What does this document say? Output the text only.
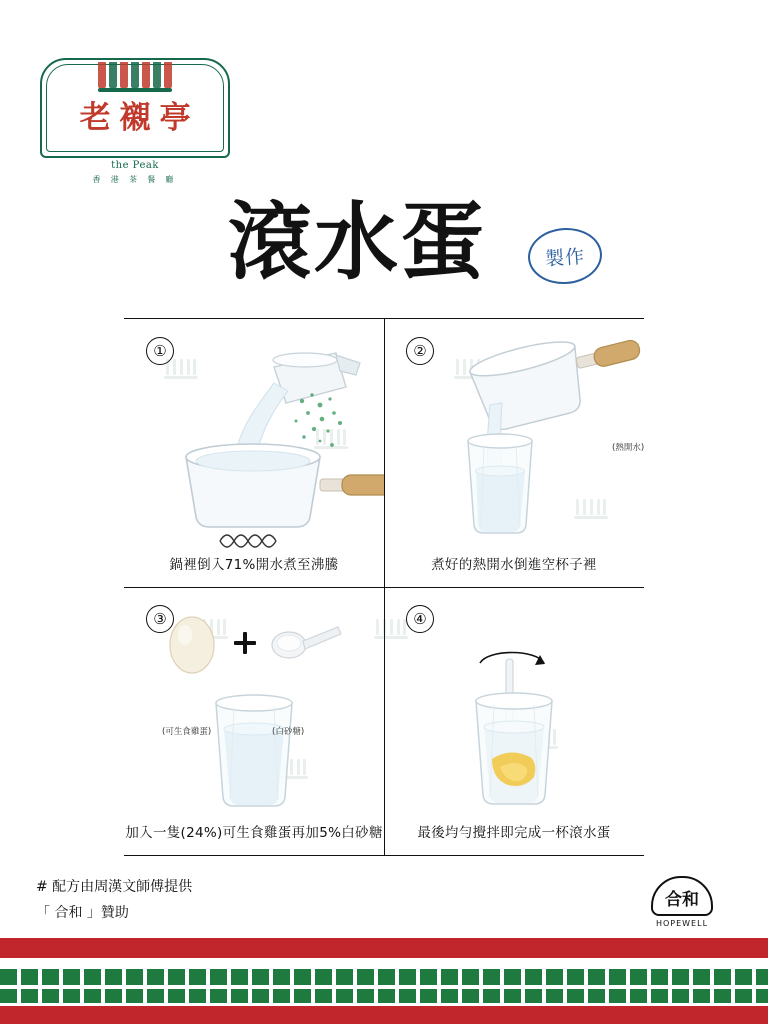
老襯亭
the Peak
香 港 茶 餐 廳
滾水蛋	製作
①
鍋裡倒入71%開水煮至沸騰
②
(熱開水)
煮好的熱開水倒進空杯子裡
③
(可生食雞蛋)	(白砂糖)
加入一隻(24%)可生食雞蛋再加5%白砂糖
④
最後均勻攪拌即完成一杯滾水蛋
# 配方由周漢文師傅提供
「 合和 」贊助
合和
HOPEWELL
